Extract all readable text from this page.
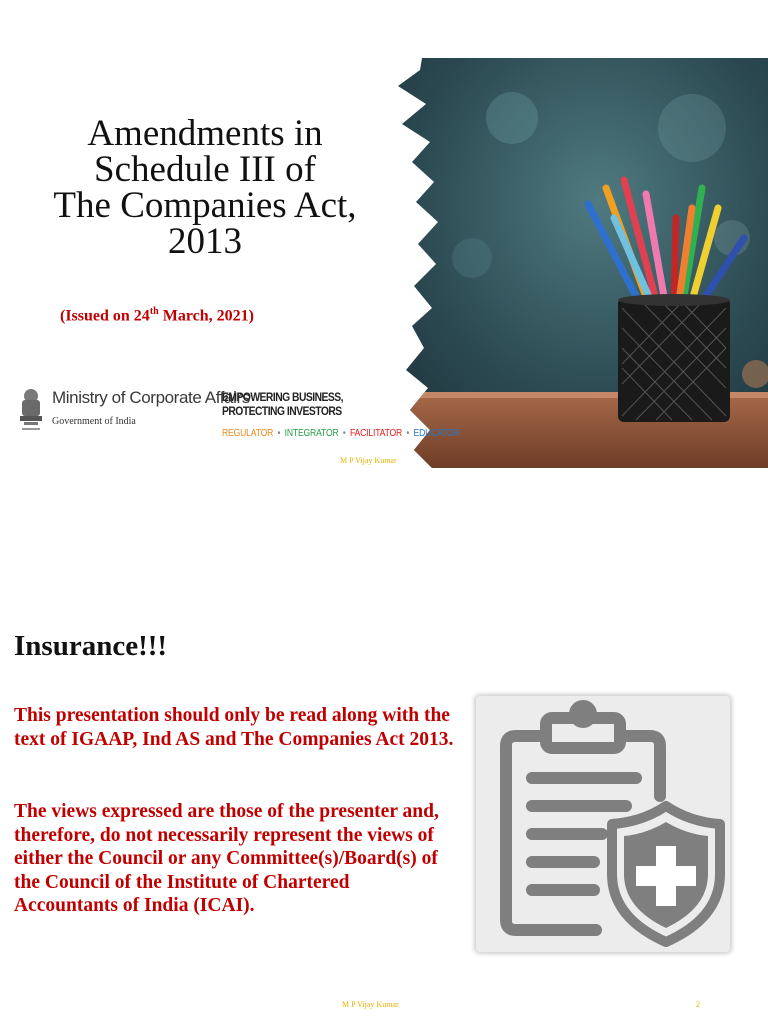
Amendments in
Schedule III of
The Companies Act,
2013

(Issued on 24th March, 2021)

Ministry of Corporate Affairs
Government of India
EMPOWERING BUSINESS, PROTECTING INVESTORS
REGULATOR • INTEGRATOR • FACILITATOR • EDUCATOR
M P Vijay Kumar
Insurance!!!

This presentation should only be read along with the text of IGAAP, Ind AS and The Companies Act 2013.

The views expressed are those of the presenter and, therefore, do not necessarily represent the views of either the Council or any Committee(s)/Board(s) of the Council of the Institute of Chartered Accountants of India (ICAI).

M P Vijay Kumar	2
